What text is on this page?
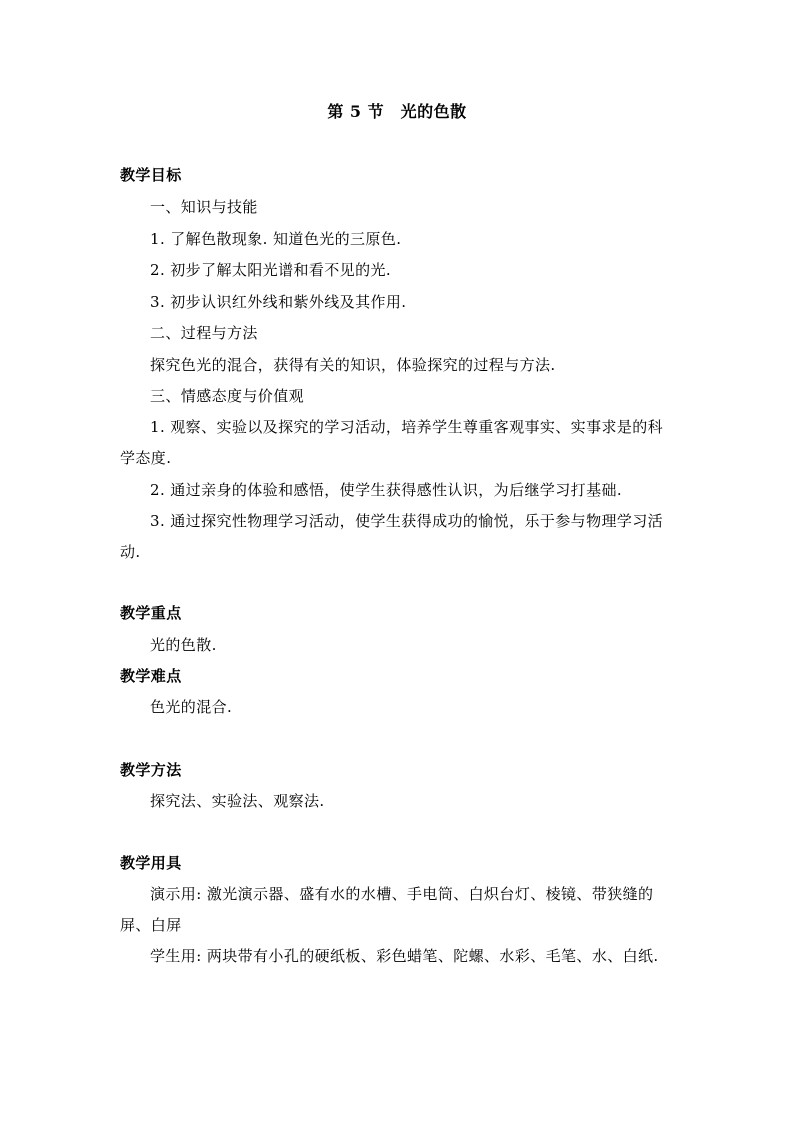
第 5 节　光的色散
教学目标
一、知识与技能
1. 了解色散现象. 知道色光的三原色.
2. 初步了解太阳光谱和看不见的光.
3. 初步认识红外线和紫外线及其作用.
二、过程与方法
探究色光的混合，获得有关的知识，体验探究的过程与方法.
三、情感态度与价值观
1. 观察、实验以及探究的学习活动，培养学生尊重客观事实、实事求是的科
学态度.
2. 通过亲身的体验和感悟，使学生获得感性认识，为后继学习打基础.
3. 通过探究性物理学习活动，使学生获得成功的愉悦，乐于参与物理学习活
动.
教学重点
光的色散.
教学难点
色光的混合.
教学方法
探究法、实验法、观察法.
教学用具
演示用: 激光演示器、盛有水的水槽、手电筒、白炽台灯、棱镜、带狭缝的
屏、白屏
学生用: 两块带有小孔的硬纸板、彩色蜡笔、陀螺、水彩、毛笔、水、白纸.
